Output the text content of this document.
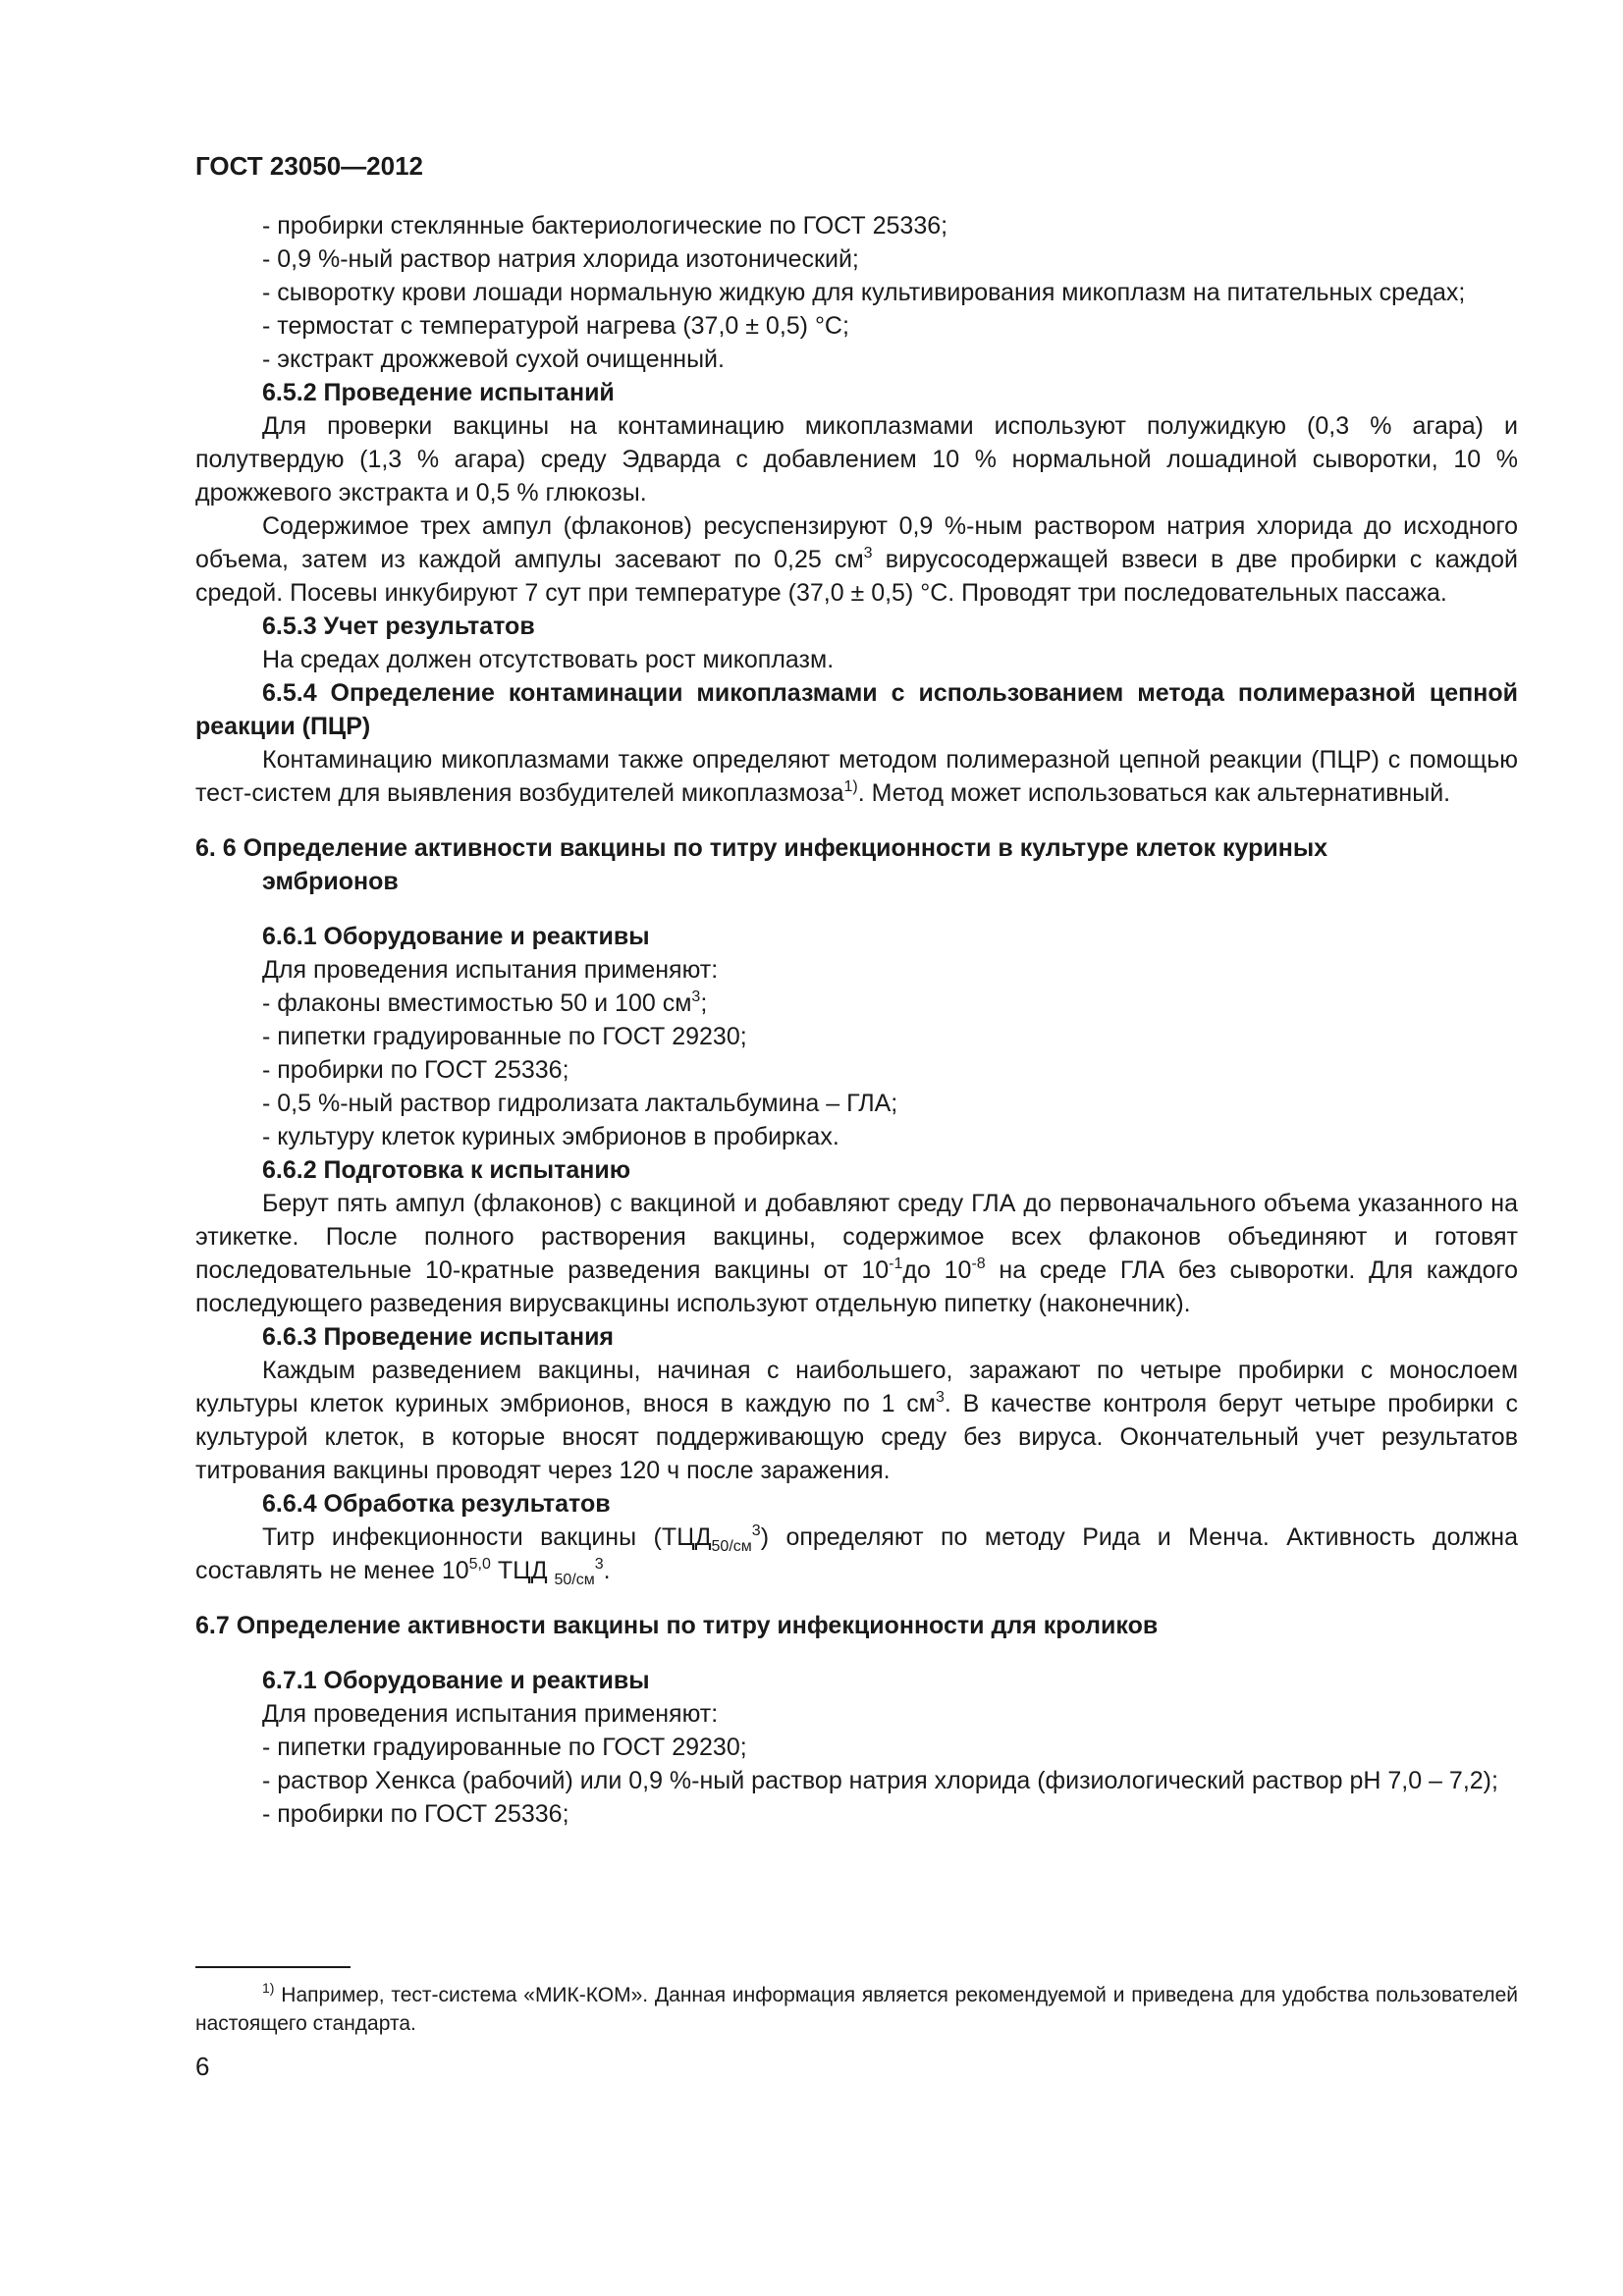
ГОСТ 23050—2012

- пробирки стеклянные бактериологические по ГОСТ 25336;

- 0,9 %-ный раствор натрия хлорида изотонический;

- сыворотку крови лошади нормальную жидкую для культивирования микоплазм на питательных средах;

- термостат с температурой нагрева (37,0 ± 0,5) °С;

- экстракт дрожжевой сухой очищенный.

6.5.2 Проведение испытаний

Для проверки вакцины на контаминацию микоплазмами используют полужидкую (0,3 % агара) и полутвердую (1,3 % агара) среду Эдварда с добавлением 10 % нормальной лошадиной сыворотки, 10 % дрожжевого экстракта и 0,5 % глюкозы.

Содержимое трех ампул (флаконов) ресуспензируют 0,9 %-ным раствором натрия хлорида до исходного объема, затем из каждой ампулы засевают по 0,25 $см^3$ вирусосодержащей взвеси в две пробирки с каждой средой. Посевы инкубируют 7 сут при температуре (37,0 ± 0,5) °С. Проводят три последовательных пассажа.

6.5.3 Учет результатов

На средах должен отсутствовать рост микоплазм.

6.5.4 Определение контаминации микоплазмами с использованием метода полимеразной цепной реакции (ПЦР)

Контаминацию микоплазмами также определяют методом полимеразной цепной реакции (ПЦР) с помощью тест-систем для выявления возбудителей микоплазмоза$^{1)}$. Метод может использоваться как альтернативный.

6. 6 Определение активности вакцины по титру инфекционности в культуре клеток куриных эмбрионов

6.6.1 Оборудование и реактивы

Для проведения испытания применяют:

- флаконы вместимостью 50 и 100 $см^3$;

- пипетки градуированные по ГОСТ 29230;

- пробирки по ГОСТ 25336;

- 0,5 %-ный раствор гидролизата лактальбумина – ГЛА;

- культуру клеток куриных эмбрионов в пробирках.

6.6.2 Подготовка к испытанию

Берут пять ампул (флаконов) с вакциной и добавляют среду ГЛА до первоначального объема указанного на этикетке. После полного растворения вакцины, содержимое всех флаконов объединяют и готовят последовательные 10-кратные разведения вакцины от $10^{-1}до$ $10^{-8}$ на среде ГЛА без сыворотки. Для каждого последующего разведения вирусвакцины используют отдельную пипетку (наконечник).

6.6.3 Проведение испытания

Каждым разведением вакцины, начиная с наибольшего, заражают по четыре пробирки с монослоем культуры клеток куриных эмбрионов, внося в каждую по 1 $см^3$. В качестве контроля берут четыре пробирки с культурой клеток, в которые вносят поддерживающую среду без вируса. Окончательный учет результатов титрования вакцины проводят через 120 ч после заражения.

6.6.4 Обработка результатов

Титр инфекционности вакцины $(ТЦД_{50/см}^3)$ определяют по методу Рида и Менча. Активность должна составлять не менее 10$^{5,0}$ ТЦД $_{50/см}^3$.

6.7 Определение активности вакцины по титру инфекционности для кроликов

6.7.1 Оборудование и реактивы

Для проведения испытания применяют:

- пипетки градуированные по ГОСТ 29230;

- раствор Хенкса (рабочий) или 0,9 %-ный раствор натрия хлорида (физиологический раствор рН 7,0 – 7,2);

- пробирки по ГОСТ 25336;

$^{1)}$ Например, тест-система «МИК-КОМ». Данная информация является рекомендуемой и приведена для удобства пользователей настоящего стандарта.

6
